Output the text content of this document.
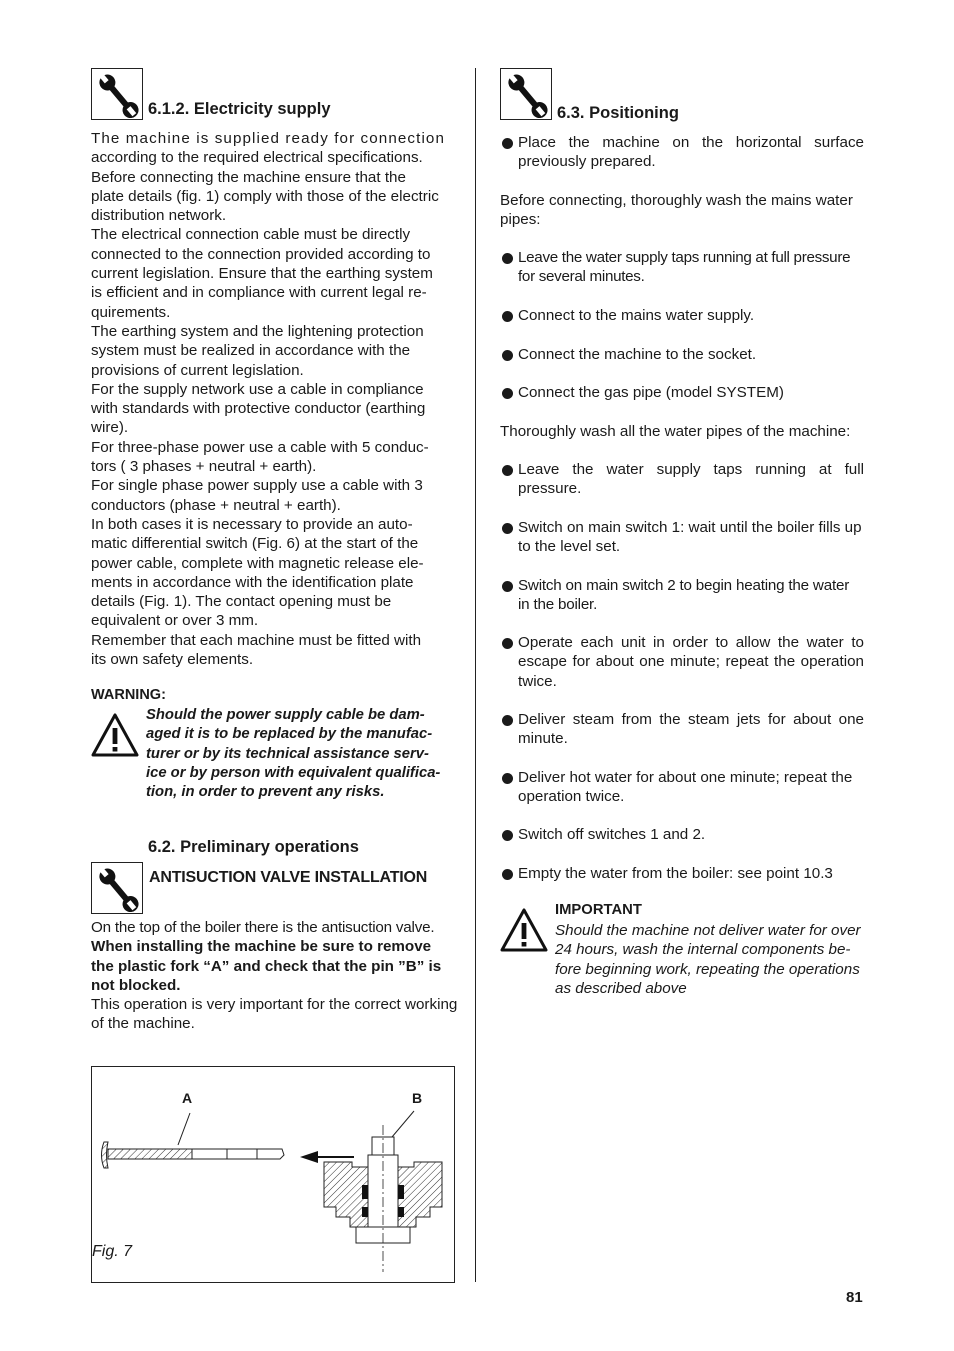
6.1.2. Electricity supply
The machine is supplied ready for connection
according to the required electrical specifications.
Before connecting the machine ensure that the
plate details (fig. 1) comply with those of the electric
distribution network.
The electrical connection cable must be directly
connected to the connection provided according to
current legislation. Ensure that the earthing system
is efficient and in compliance with current legal re-
quirements.
The earthing system and the lightening protection
system must be realized in accordance with the
provisions of current legislation.
For the supply network use a cable in compliance
with standards with protective conductor (earthing
wire).
For three-phase power use a cable with 5 conduc-
tors ( 3 phases + neutral + earth).
For single phase power supply use a cable with 3
conductors (phase + neutral + earth).
In both cases it is necessary to provide an auto-
matic differential switch (Fig. 6) at the start of the
power cable, complete with magnetic release ele-
ments in accordance with the identification plate
details (Fig. 1). The contact opening must be
equivalent or over 3 mm.
Remember that each machine must be fitted with
its own safety elements.
WARNING:
Should the power supply cable be dam-
aged it is to be replaced by the manufac-
turer or by its technical assistance serv-
ice or by person with equivalent qualifica-
tion, in order to prevent any risks.
6.2. Preliminary operations
ANTISUCTION VALVE INSTALLATION
On the top of the boiler there is the antisuction valve.
When installing the machine be sure to remove
the plastic fork “A” and check that the pin ”B” is
not blocked.
This operation is very important for the correct working
of the machine.
A	B
Fig. 7
6.3. Positioning
Place the machine on the horizontal surface previously prepared.
Before connecting, thoroughly wash the mains water pipes:
Leave the water supply taps running at full pressure for several minutes.
Connect to the mains water supply.
Connect the machine to the socket.
Connect the gas pipe (model SYSTEM)
Thoroughly wash all the water pipes of the machine:
Leave the water supply taps running at full pressure.
Switch on main switch 1: wait until the boiler fills up to the level set.
Switch on main switch 2 to begin heating the water in the boiler.
Operate each unit in order to allow the water to escape for about one minute; repeat the operation twice.
Deliver steam from the steam jets for about one minute.
Deliver hot water for about one minute; repeat the operation twice.
Switch off switches 1 and 2.
Empty the water from the boiler: see point 10.3
IMPORTANT
Should the machine not deliver water for over
24 hours, wash the internal components be-
fore beginning work, repeating the operations
as described above
81
